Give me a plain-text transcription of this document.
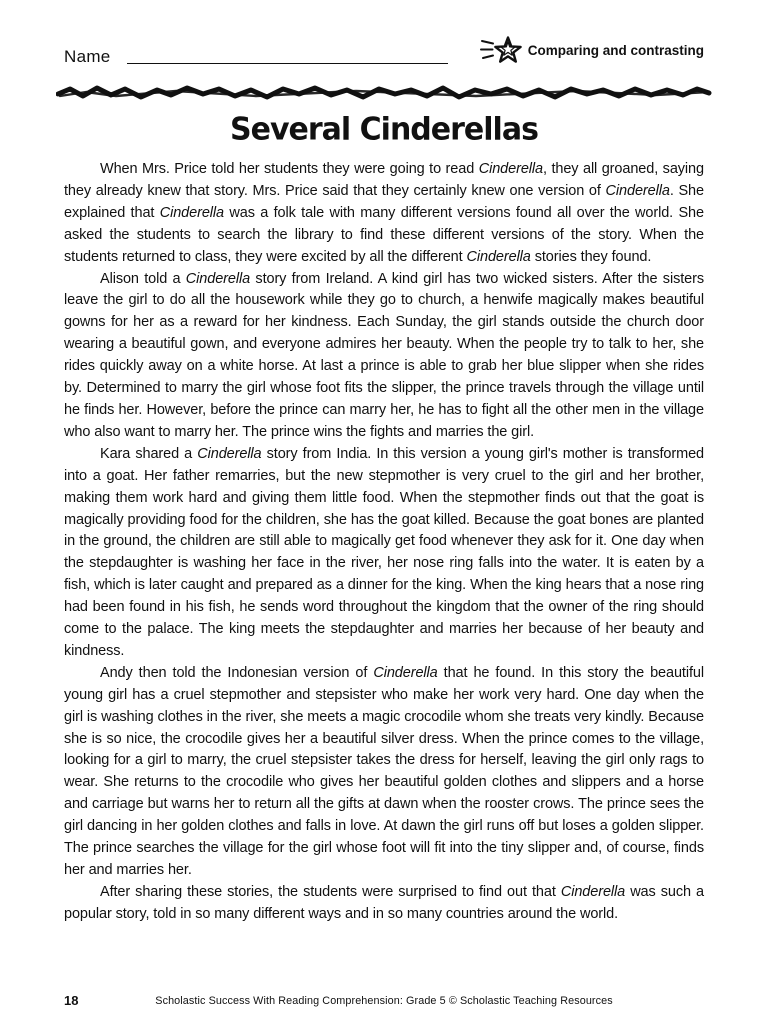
Name	Comparing and contrasting
Several Cinderellas

When Mrs. Price told her students they were going to read Cinderella, they all groaned, saying they already knew that story. Mrs. Price said that they certainly knew one version of Cinderella. She explained that Cinderella was a folk tale with many different versions found all over the world. She asked the students to search the library to find these different versions of the story. When the students returned to class, they were excited by all the different Cinderella stories they found.

Alison told a Cinderella story from Ireland. A kind girl has two wicked sisters. After the sisters leave the girl to do all the housework while they go to church, a henwife magically makes beautiful gowns for her as a reward for her kindness. Each Sunday, the girl stands outside the church door wearing a beautiful gown, and everyone admires her beauty. When the people try to talk to her, she rides quickly away on a white horse. At last a prince is able to grab her blue slipper when she rides by. Determined to marry the girl whose foot fits the slipper, the prince travels through the village until he finds her. However, before the prince can marry her, he has to fight all the other men in the village who also want to marry her. The prince wins the fights and marries the girl.

Kara shared a Cinderella story from India. In this version a young girl's mother is transformed into a goat. Her father remarries, but the new stepmother is very cruel to the girl and her brother, making them work hard and giving them little food. When the stepmother finds out that the goat is magically providing food for the children, she has the goat killed. Because the goat bones are planted in the ground, the children are still able to magically get food whenever they ask for it. One day when the stepdaughter is washing her face in the river, her nose ring falls into the water. It is eaten by a fish, which is later caught and prepared as a dinner for the king. When the king hears that a nose ring had been found in his fish, he sends word throughout the kingdom that the owner of the ring should come to the palace. The king meets the stepdaughter and marries her because of her beauty and kindness.

Andy then told the Indonesian version of Cinderella that he found. In this story the beautiful young girl has a cruel stepmother and stepsister who make her work very hard. One day when the girl is washing clothes in the river, she meets a magic crocodile whom she treats very kindly. Because she is so nice, the crocodile gives her a beautiful silver dress. When the prince comes to the village, looking for a girl to marry, the cruel stepsister takes the dress for herself, leaving the girl only rags to wear. She returns to the crocodile who gives her beautiful golden clothes and slippers and a horse and carriage but warns her to return all the gifts at dawn when the rooster crows. The prince sees the girl dancing in her golden clothes and falls in love. At dawn the girl runs off but loses a golden slipper. The prince searches the village for the girl whose foot will fit into the tiny slipper and, of course, finds her and marries her.

After sharing these stories, the students were surprised to find out that Cinderella was such a popular story, told in so many different ways and in so many countries around the world.

18	Scholastic Success With Reading Comprehension: Grade 5 © Scholastic Teaching Resources
